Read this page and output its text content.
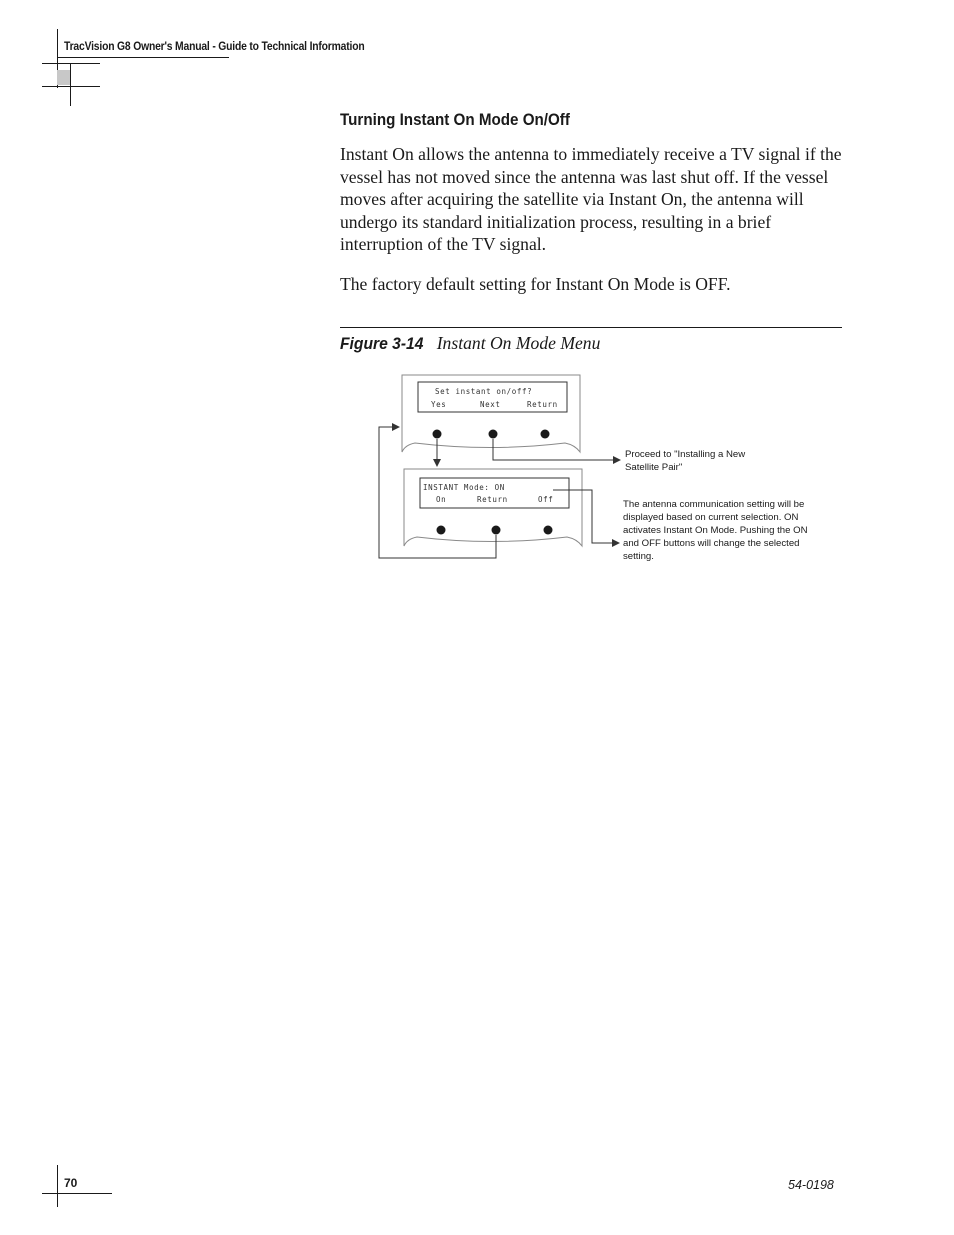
TracVision G8 Owner's Manual - Guide to Technical Information
Turning Instant On Mode On/Off

Instant On allows the antenna to immediately receive a TV signal if the vessel has not moved since the antenna was last shut off. If the vessel moves after acquiring the satellite via Instant On, the antenna will undergo its standard initialization process, resulting in a brief interruption of the TV signal.

The factory default setting for Instant On Mode is OFF.

Figure 3-14 Instant On Mode Menu
Set instant on/off?
Yes	Next	Return
INSTANT Mode: ON
On	Return	Off
Proceed to "Installing a New Satellite Pair"
The antenna communication setting will be displayed based on current selection. ON activates Instant On Mode. Pushing the ON and OFF buttons will change the selected setting.
70	54-0198
